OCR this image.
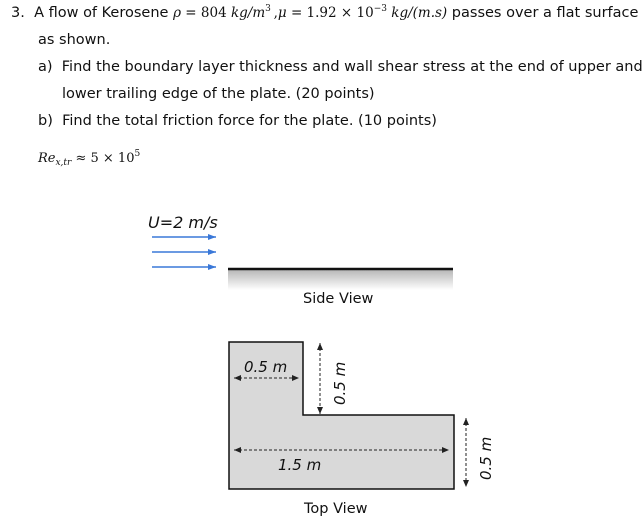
3. A flow of Kerosene ρ = 804 $kg/m^3$ $,\mu = 1.92 \times 10^{-3}$ kg/(m.s) passes over a flat surface
as shown.
a) Find the boundary layer thickness and wall shear stress at the end of upper and
lower trailing edge of the plate. (20 points)
b) Find the total friction force for the plate. (10 points)
$Re_{x,tr} \approx 5 \times 10^5$
U=2 m/s
Side View
0.5 m	0.5 m
1.5 m	0.5 m
Top View
